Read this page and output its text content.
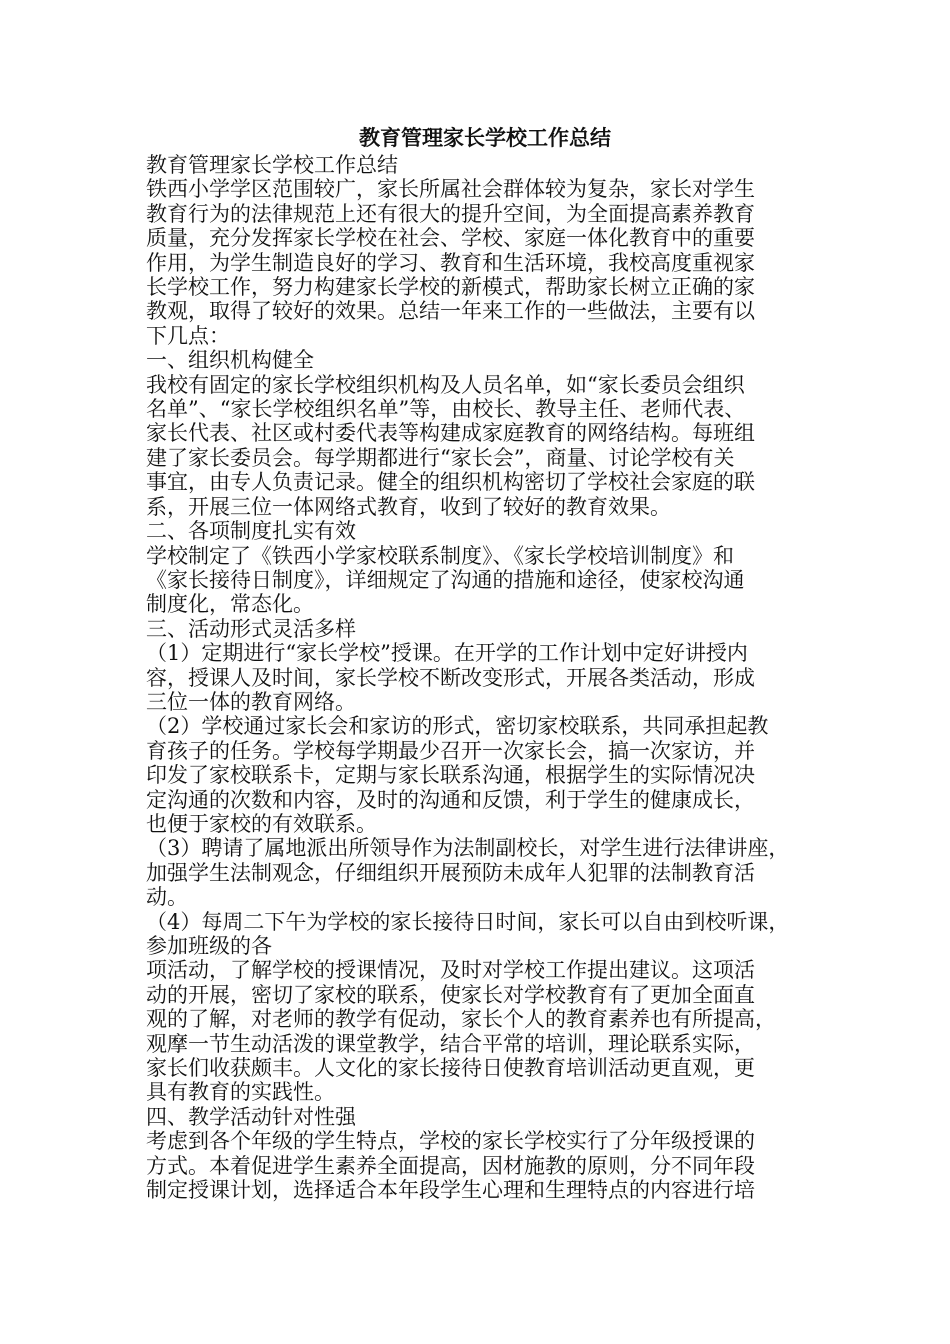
教育管理家长学校工作总结

教育管理家长学校工作总结

铁西小学学区范围较广，家长所属社会群体较为复杂，家长对学生

教育行为的法律规范上还有很大的提升空间，为全面提高素养教育

质量，充分发挥家长学校在社会、学校、家庭一体化教育中的重要

作用，为学生制造良好的学习、教育和生活环境，我校高度重视家

长学校工作，努力构建家长学校的新模式，帮助家长树立正确的家

教观，取得了较好的效果。总结一年来工作的一些做法，主要有以

下几点：

一、组织机构健全

我校有固定的家长学校组织机构及人员名单，如“家长委员会组织

名单”、“家长学校组织名单”等，由校长、教导主任、老师代表、

家长代表、社区或村委代表等构建成家庭教育的网络结构。每班组

建了家长委员会。每学期都进行“家长会”，商量、讨论学校有关

事宜，由专人负责记录。健全的组织机构密切了学校社会家庭的联

系，开展三位一体网络式教育，收到了较好的教育效果。

二、各项制度扎实有效

学校制定了《铁西小学家校联系制度》、《家长学校培训制度》和

《家长接待日制度》，详细规定了沟通的措施和途径，使家校沟通

制度化，常态化。

三、活动形式灵活多样

（1）定期进行“家长学校”授课。在开学的工作计划中定好讲授内

容，授课人及时间，家长学校不断改变形式，开展各类活动，形成

三位一体的教育网络。

（2）学校通过家长会和家访的形式，密切家校联系，共同承担起教

育孩子的任务。学校每学期最少召开一次家长会，搞一次家访，并

印发了家校联系卡，定期与家长联系沟通，根据学生的实际情况决

定沟通的次数和内容，及时的沟通和反馈，利于学生的健康成长，

也便于家校的有效联系。

（3）聘请了属地派出所领导作为法制副校长，对学生进行法律讲座，

加强学生法制观念，仔细组织开展预防未成年人犯罪的法制教育活

动。

（4）每周二下午为学校的家长接待日时间，家长可以自由到校听课，

参加班级的各

项活动，了解学校的授课情况，及时对学校工作提出建议。这项活

动的开展，密切了家校的联系，使家长对学校教育有了更加全面直

观的了解，对老师的教学有促动，家长个人的教育素养也有所提高，

观摩一节生动活泼的课堂教学，结合平常的培训，理论联系实际，

家长们收获颇丰。人文化的家长接待日使教育培训活动更直观，更

具有教育的实践性。

四、教学活动针对性强

考虑到各个年级的学生特点，学校的家长学校实行了分年级授课的

方式。本着促进学生素养全面提高，因材施教的原则，分不同年段

制定授课计划，选择适合本年段学生心理和生理特点的内容进行培
